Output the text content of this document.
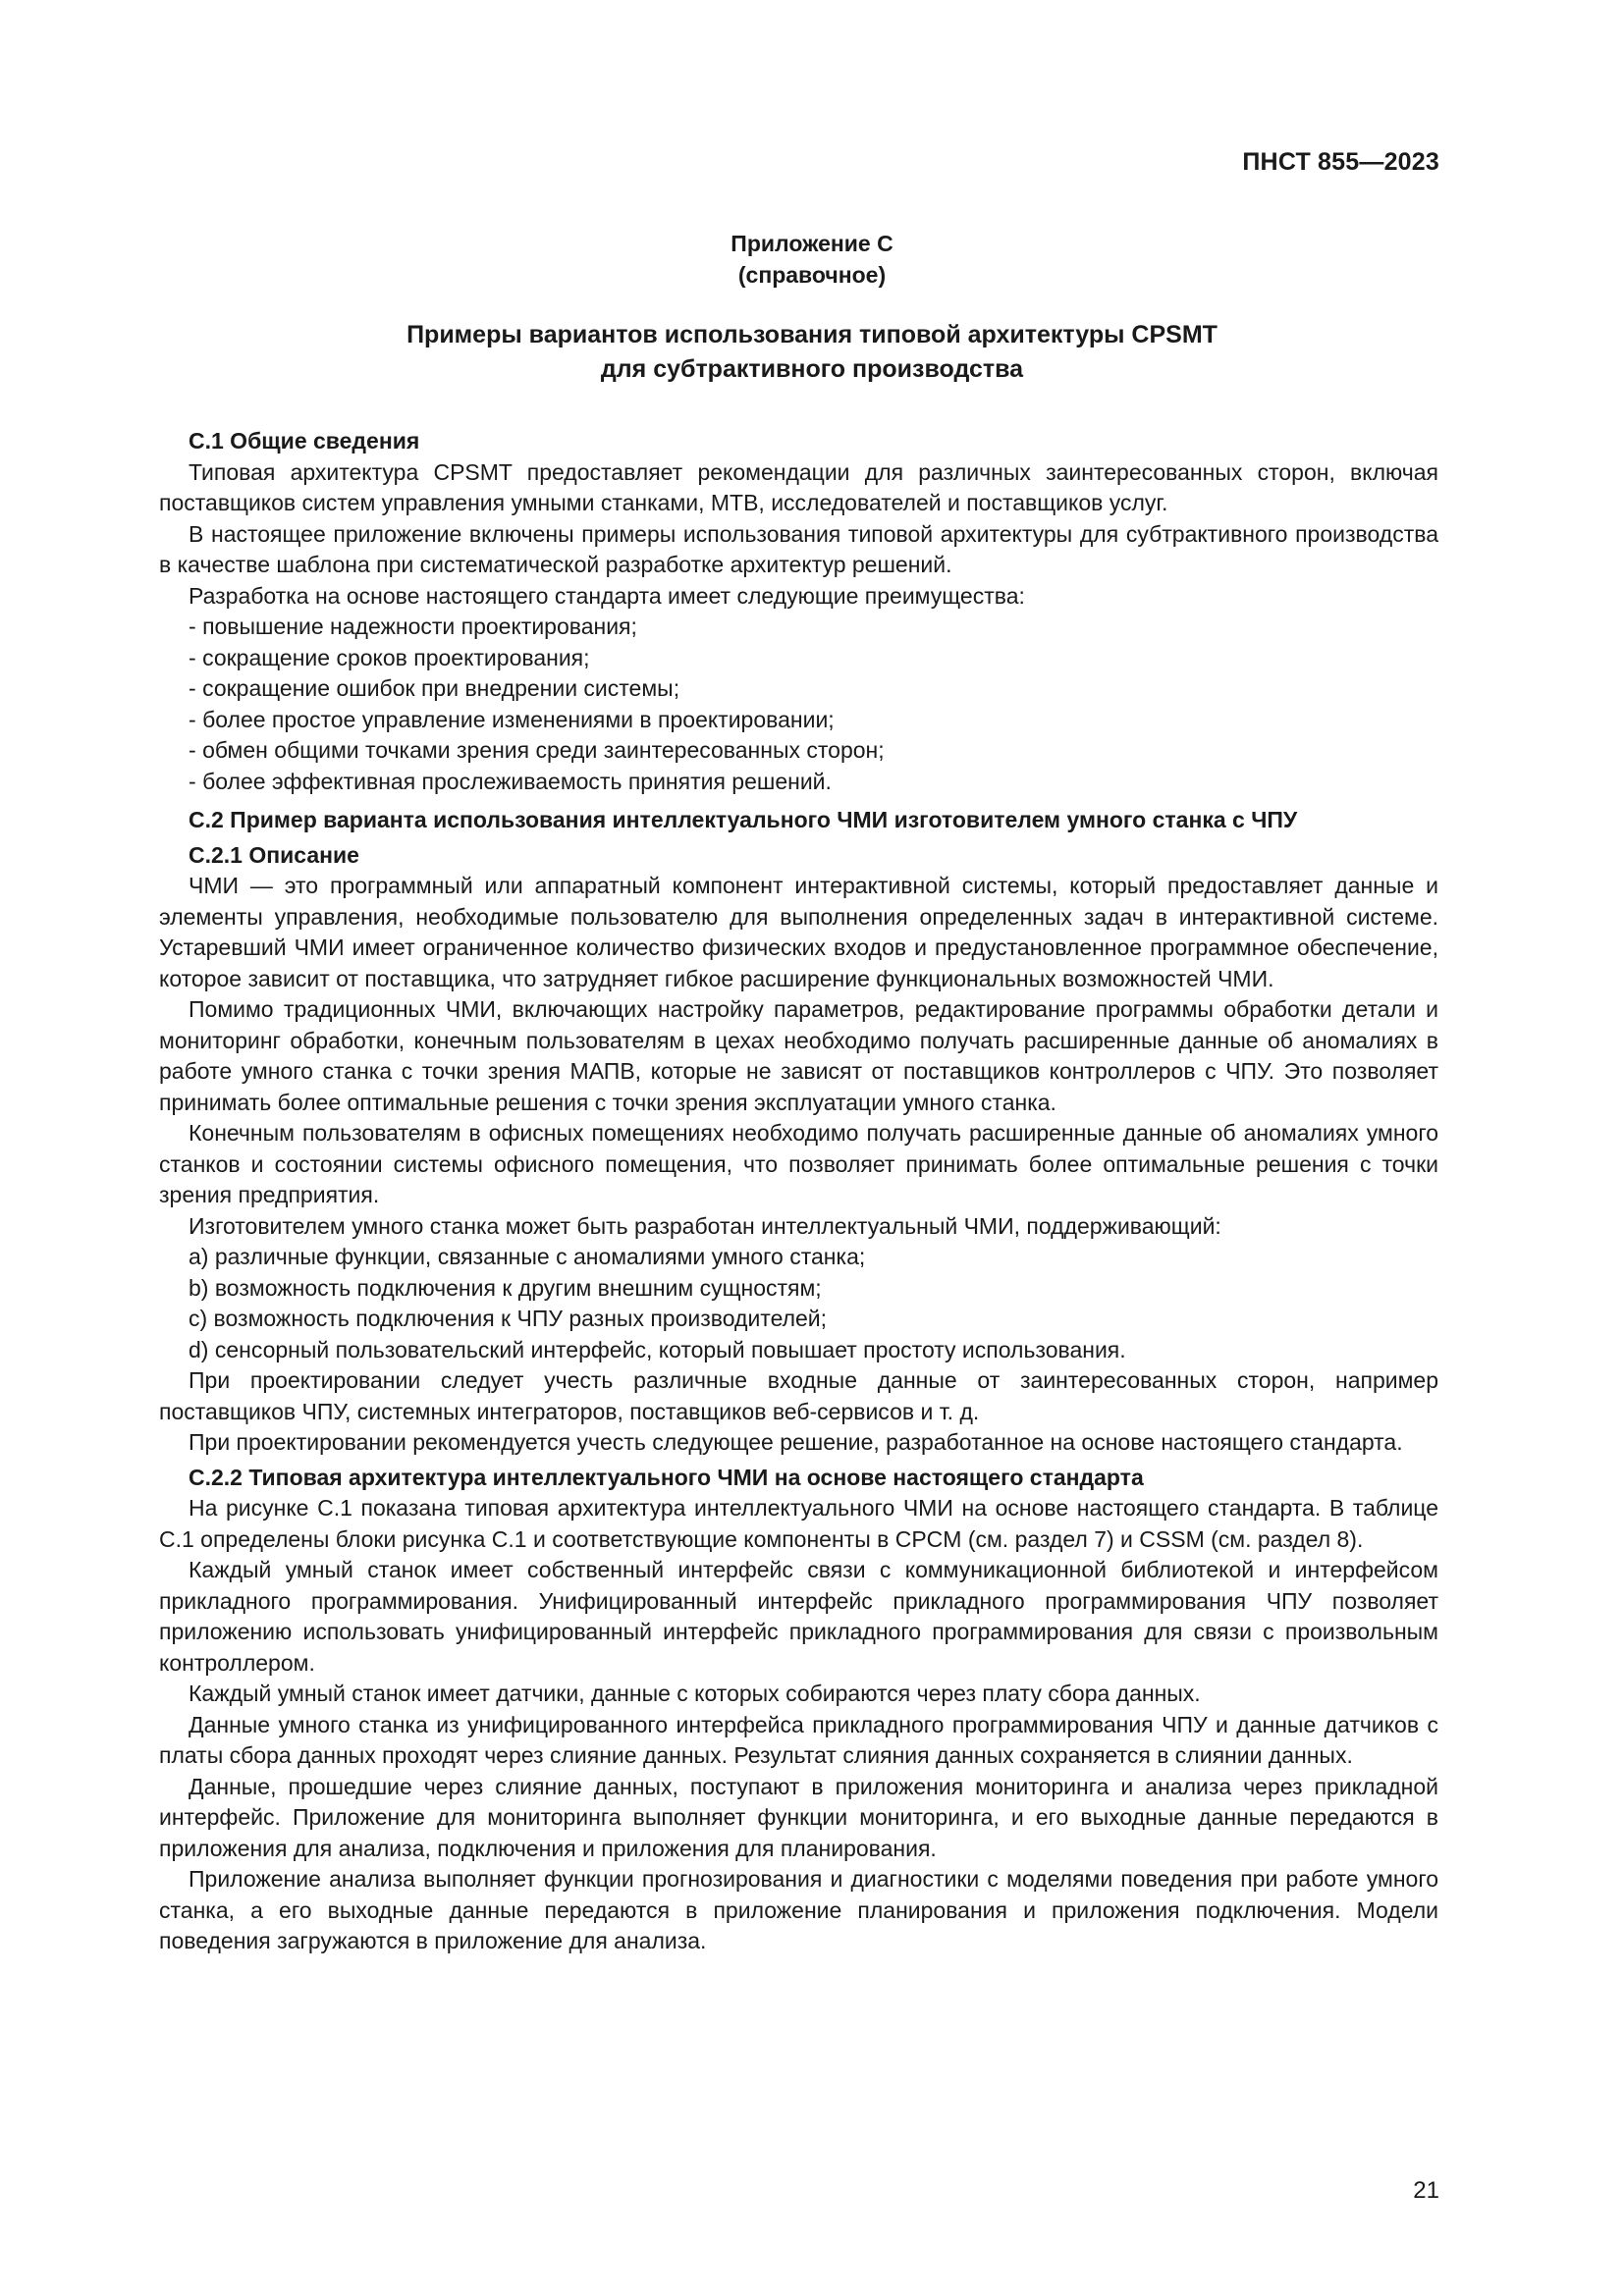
ПНСТ 855—2023
Приложение С
(справочное)
Примеры вариантов использования типовой архитектуры CPSMT
для субтрактивного производства
С.1 Общие сведения

Типовая архитектура CPSMT предоставляет рекомендации для различных заинтересованных сторон, включая поставщиков систем управления умными станками, МТВ, исследователей и поставщиков услуг.

В настоящее приложение включены примеры использования типовой архитектуры для субтрактивного производства в качестве шаблона при систематической разработке архитектур решений.

Разработка на основе настоящего стандарта имеет следующие преимущества:

- повышение надежности проектирования;
- сокращение сроков проектирования;
- сокращение ошибок при внедрении системы;
- более простое управление изменениями в проектировании;
- обмен общими точками зрения среди заинтересованных сторон;
- более эффективная прослеживаемость принятия решений.
С.2 Пример варианта использования интеллектуального ЧМИ изготовителем умного станка с ЧПУ
С.2.1 Описание

ЧМИ — это программный или аппаратный компонент интерактивной системы, который предоставляет данные и элементы управления, необходимые пользователю для выполнения определенных задач в интерактивной системе. Устаревший ЧМИ имеет ограниченное количество физических входов и предустановленное программное обеспечение, которое зависит от поставщика, что затрудняет гибкое расширение функциональных возможностей ЧМИ.

Помимо традиционных ЧМИ, включающих настройку параметров, редактирование программы обработки детали и мониторинг обработки, конечным пользователям в цехах необходимо получать расширенные данные об аномалиях в работе умного станка с точки зрения МАПВ, которые не зависят от поставщиков контроллеров с ЧПУ. Это позволяет принимать более оптимальные решения с точки зрения эксплуатации умного станка.

Конечным пользователям в офисных помещениях необходимо получать расширенные данные об аномалиях умного станков и состоянии системы офисного помещения, что позволяет принимать более оптимальные решения с точки зрения предприятия.

Изготовителем умного станка может быть разработан интеллектуальный ЧМИ, поддерживающий:

a) различные функции, связанные с аномалиями умного станка;
b) возможность подключения к другим внешним сущностям;
c) возможность подключения к ЧПУ разных производителей;
d) сенсорный пользовательский интерфейс, который повышает простоту использования.

При проектировании следует учесть различные входные данные от заинтересованных сторон, например поставщиков ЧПУ, системных интеграторов, поставщиков веб-сервисов и т. д.

При проектировании рекомендуется учесть следующее решение, разработанное на основе настоящего стандарта.

С.2.2 Типовая архитектура интеллектуального ЧМИ на основе настоящего стандарта

На рисунке С.1 показана типовая архитектура интеллектуального ЧМИ на основе настоящего стандарта. В таблице С.1 определены блоки рисунка С.1 и соответствующие компоненты в CPCM (см. раздел 7) и CSSM (см. раздел 8).

Каждый умный станок имеет собственный интерфейс связи с коммуникационной библиотекой и интерфейсом прикладного программирования. Унифицированный интерфейс прикладного программирования ЧПУ позволяет приложению использовать унифицированный интерфейс прикладного программирования для связи с произвольным контроллером.

Каждый умный станок имеет датчики, данные с которых собираются через плату сбора данных.

Данные умного станка из унифицированного интерфейса прикладного программирования ЧПУ и данные датчиков с платы сбора данных проходят через слияние данных. Результат слияния данных сохраняется в слиянии данных.

Данные, прошедшие через слияние данных, поступают в приложения мониторинга и анализа через прикладной интерфейс. Приложение для мониторинга выполняет функции мониторинга, и его выходные данные передаются в приложения для анализа, подключения и приложения для планирования.

Приложение анализа выполняет функции прогнозирования и диагностики с моделями поведения при работе умного станка, а его выходные данные передаются в приложение планирования и приложения подключения. Модели поведения загружаются в приложение для анализа.

21
